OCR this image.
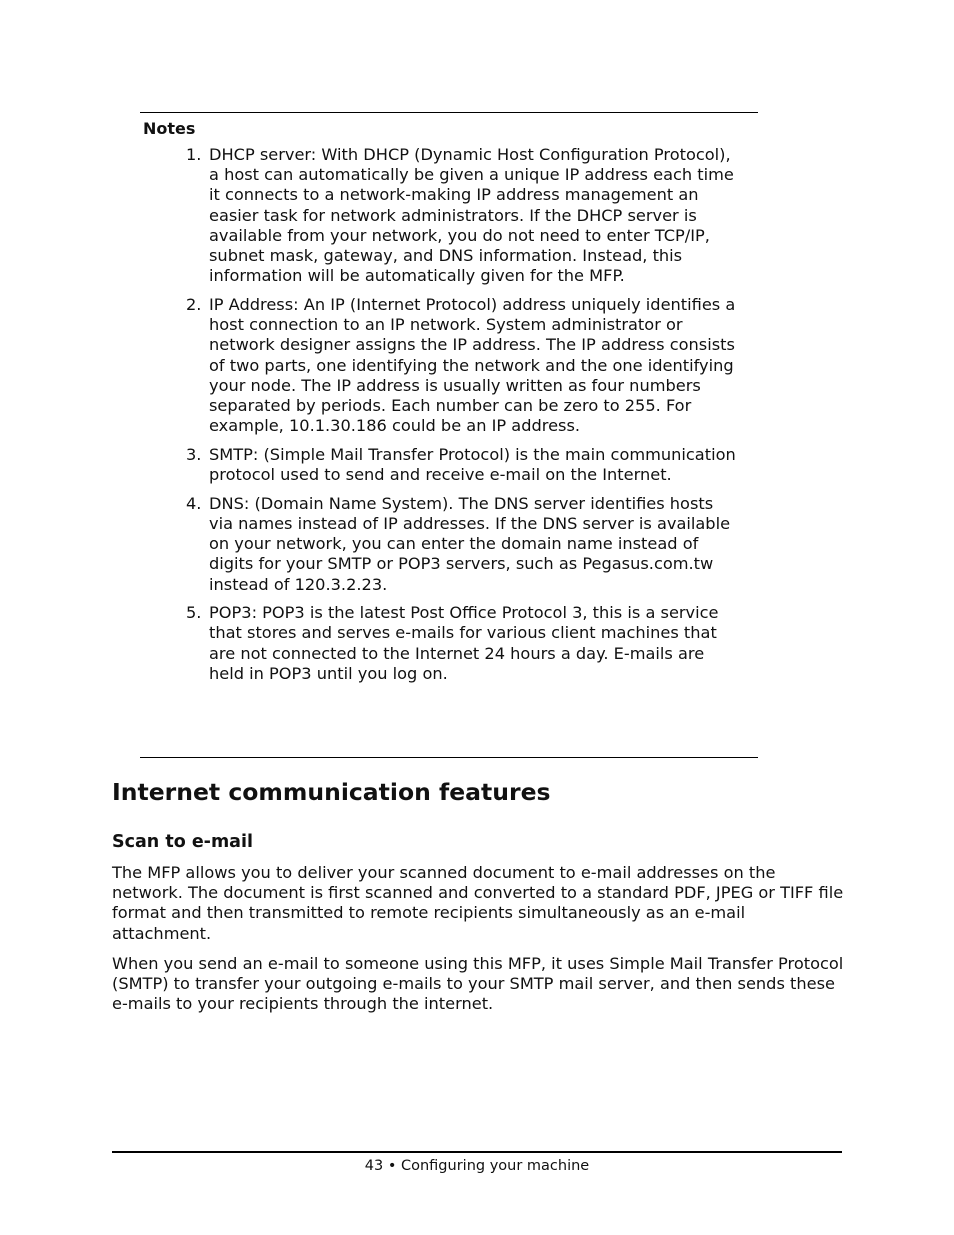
Notes
1. DHCP server: With DHCP (Dynamic Host Configuration Protocol), a host can automatically be given a unique IP address each time it connects to a network-making IP address management an easier task for network administrators. If the DHCP server is available from your network, you do not need to enter TCP/IP, subnet mask, gateway, and DNS information. Instead, this information will be automatically given for the MFP.
2. IP Address: An IP (Internet Protocol) address uniquely identifies a host connection to an IP network. System administrator or network designer assigns the IP address. The IP address consists of two parts, one identifying the network and the one identifying your node. The IP address is usually written as four numbers separated by periods. Each number can be zero to 255. For example, 10.1.30.186 could be an IP address.
3. SMTP: (Simple Mail Transfer Protocol) is the main communication protocol used to send and receive e-mail on the Internet.
4. DNS: (Domain Name System). The DNS server identifies hosts via names instead of IP addresses. If the DNS server is available on your network, you can enter the domain name instead of digits for your SMTP or POP3 servers, such as Pegasus.com.tw instead of 120.3.2.23.
5. POP3: POP3 is the latest Post Office Protocol 3, this is a service that stores and serves e-mails for various client machines that are not connected to the Internet 24 hours a day. E-mails are held in POP3 until you log on.
Internet communication features
Scan to e-mail

The MFP allows you to deliver your scanned document to e-mail addresses on the network. The document is first scanned and converted to a standard PDF, JPEG or TIFF file format and then transmitted to remote recipients simultaneously as an e-mail attachment.

When you send an e-mail to someone using this MFP, it uses Simple Mail Transfer Protocol (SMTP) to transfer your outgoing e-mails to your SMTP mail server, and then sends these e-mails to your recipients through the internet.

43 • Configuring your machine
